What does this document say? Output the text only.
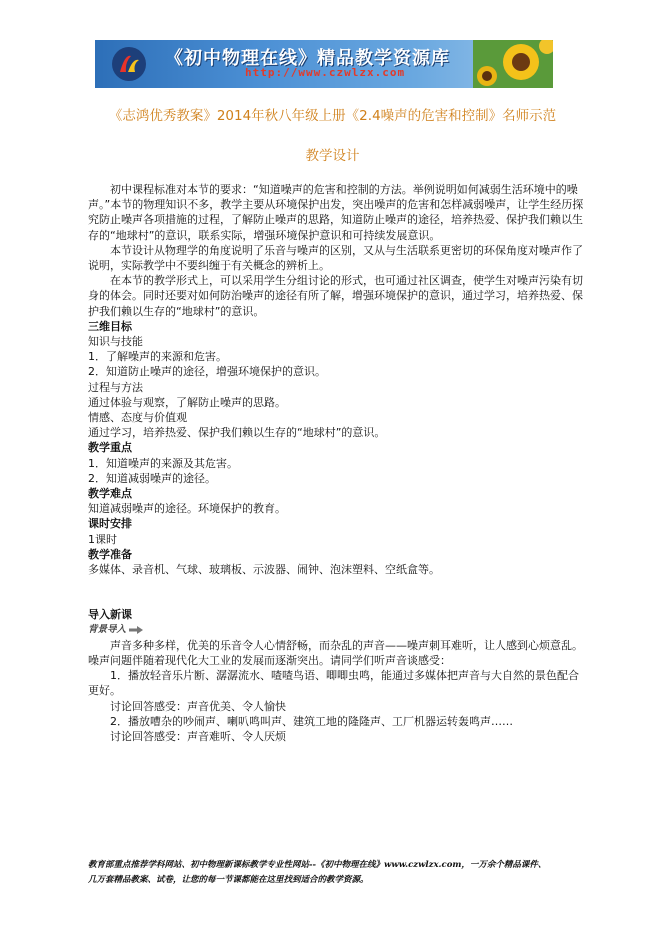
《初中物理在线》精品教学资源库
http://www.czwlzx.com
《志鸿优秀教案》2014年秋八年级上册《2.4噪声的危害和控制》名师示范
教学设计

初中课程标准对本节的要求：“知道噪声的危害和控制的方法。举例说明如何减弱生活环境中的噪声。”本节的物理知识不多，教学主要从环境保护出发，突出噪声的危害和怎样减弱噪声，让学生经历探究防止噪声各项措施的过程，了解防止噪声的思路，知道防止噪声的途径，培养热爱、保护我们赖以生存的“地球村”的意识，联系实际，增强环境保护意识和可持续发展意识。

本节设计从物理学的角度说明了乐音与噪声的区别，又从与生活联系更密切的环保角度对噪声作了说明，实际教学中不要纠缠于有关概念的辨析上。

在本节的教学形式上，可以采用学生分组讨论的形式，也可通过社区调查，使学生对噪声污染有切身的体会。同时还要对如何防治噪声的途径有所了解，增强环境保护的意识，通过学习，培养热爱、保护我们赖以生存的“地球村”的意识。

三维目标

知识与技能

1．了解噪声的来源和危害。

2．知道防止噪声的途径，增强环境保护的意识。

过程与方法

通过体验与观察，了解防止噪声的思路。

情感、态度与价值观

通过学习，培养热爱、保护我们赖以生存的“地球村”的意识。

教学重点

1．知道噪声的来源及其危害。

2．知道减弱噪声的途径。

教学难点

知道减弱噪声的途径。环境保护的教育。

课时安排

1课时

教学准备

多媒体、录音机、气球、玻璃板、示波器、闹钟、泡沫塑料、空纸盒等。

导入新课

背景导入

声音多种多样，优美的乐音令人心情舒畅，而杂乱的声音——噪声刺耳难听，让人感到心烦意乱。噪声问题伴随着现代化大工业的发展而逐渐突出。请同学们听声音谈感受：

1．播放轻音乐片断、潺潺流水、喳喳鸟语、唧唧虫鸣，能通过多媒体把声音与大自然的景色配合更好。

讨论回答感受：声音优美、令人愉快

2．播放嘈杂的吵闹声、喇叭鸣叫声、建筑工地的隆隆声、工厂机器运转轰鸣声……

讨论回答感受：声音难听、令人厌烦

教育部重点推荐学科网站、初中物理新课标教学专业性网站--《初中物理在线》www.czwlzx.com，一万余个精品课件、
几万套精品教案、试卷，让您的每一节课都能在这里找到适合的教学资源。
